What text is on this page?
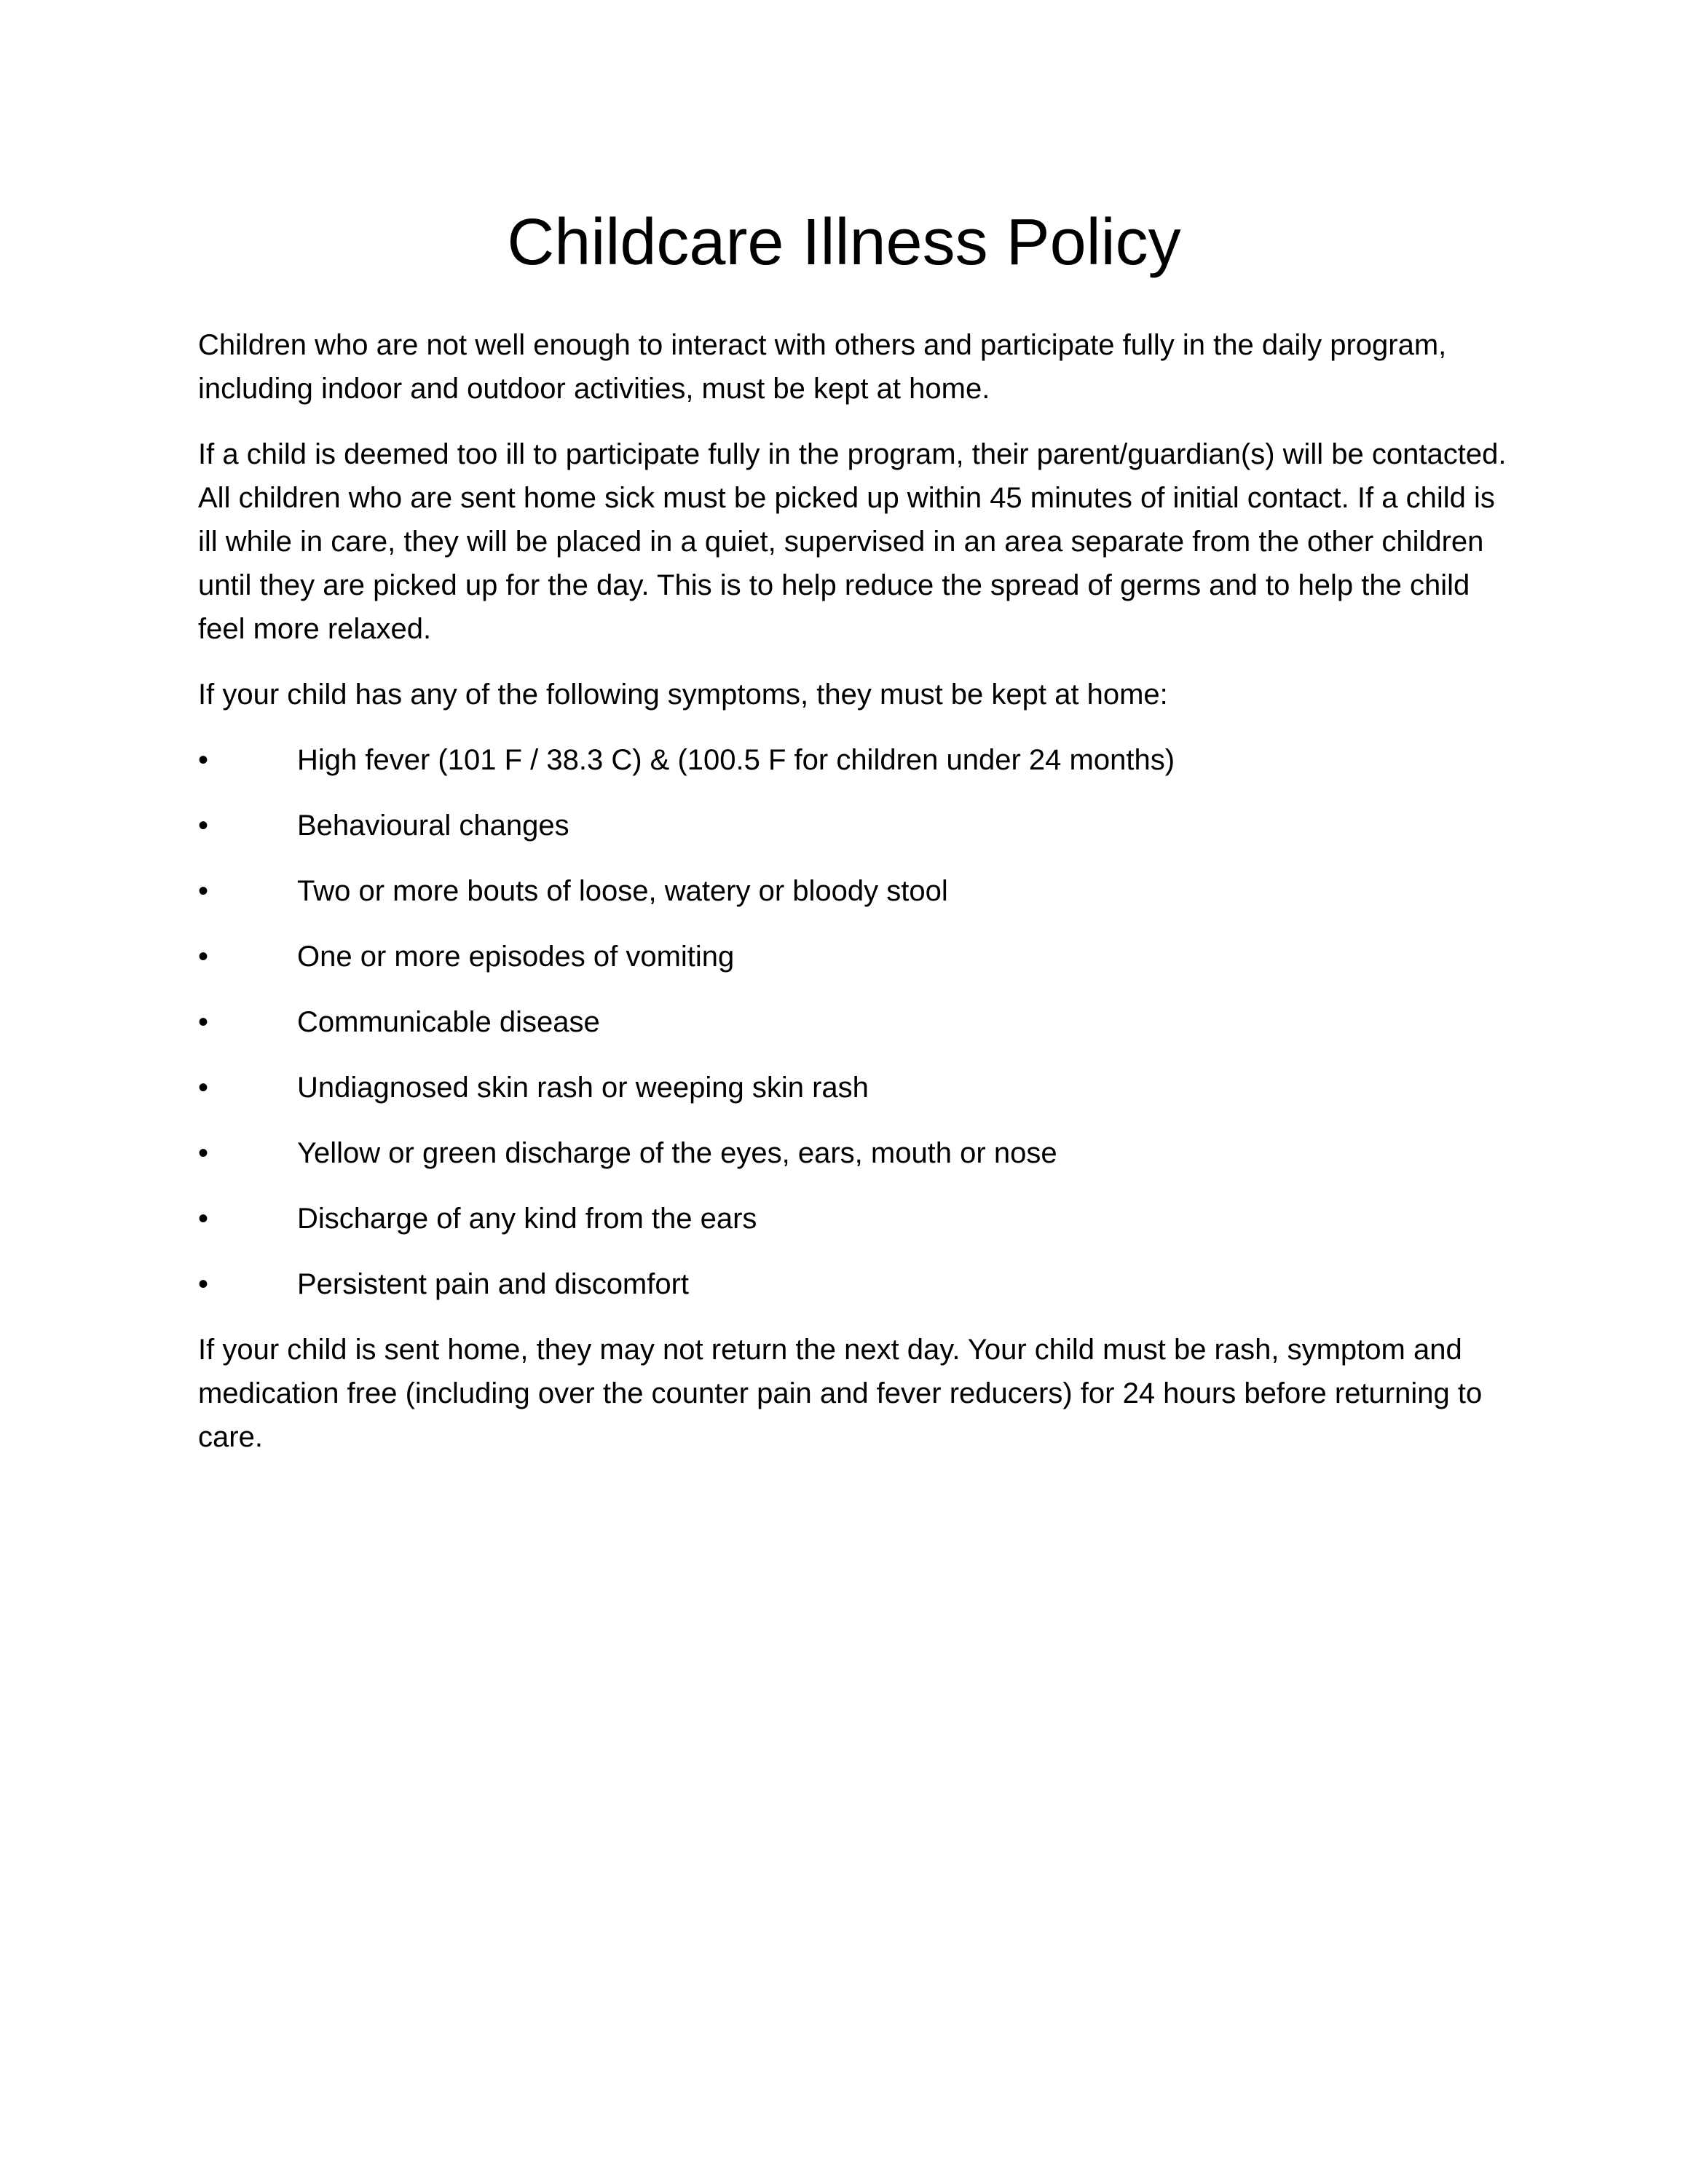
Childcare Illness Policy

Children who are not well enough to interact with others and participate fully in the daily program, including indoor and outdoor activities, must be kept at home.

If a child is deemed too ill to participate fully in the program, their parent/guardian(s) will be contacted. All children who are sent home sick must be picked up within 45 minutes of initial contact. If a child is ill while in care, they will be placed in a quiet, supervised in an area separate from the other children until they are picked up for the day. This is to help reduce the spread of germs and to help the child feel more relaxed.

If your child has any of the following symptoms, they must be kept at home:

•	High fever (101 F / 38.3 C) & (100.5 F for children under 24 months)
•	Behavioural changes
•	Two or more bouts of loose, watery or bloody stool
•	One or more episodes of vomiting
•	Communicable disease
•	Undiagnosed skin rash or weeping skin rash
•	Yellow or green discharge of the eyes, ears, mouth or nose
•	Discharge of any kind from the ears
•	Persistent pain and discomfort

If your child is sent home, they may not return the next day. Your child must be rash, symptom and medication free (including over the counter pain and fever reducers) for 24 hours before returning to care.
